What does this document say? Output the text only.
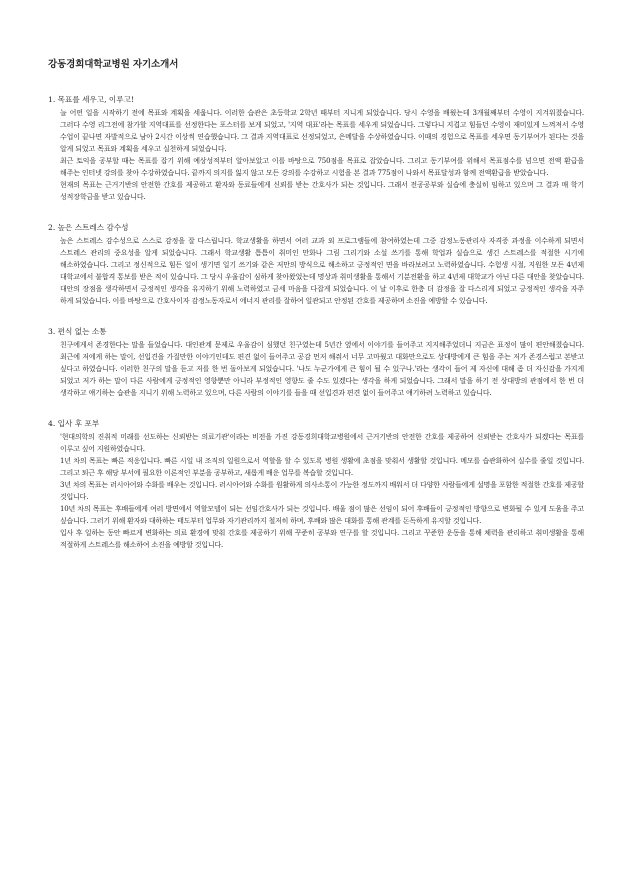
강동경희대학교병원 자기소개서
1. 목표를 세우고, 이루고!

늘 어떤 일을 시작하기 전에 목표와 계획을 세웁니다. 이러한 습관은 초등학교 2학년 때부터 지니게 되었습니다. 당시 수영을 배웠는데 3개월째부터 수영이 지겨워졌습니다. 그러다 수영 리그전에 참가할 지역대표를 선정한다는 포스터를 보게 되었고, '지역 대표'라는 목표를 세우게 되었습니다. 그렇다니 지겹고 힘들던 수영이 재미있게 느껴져서 수영 수업이 끝나면 자발적으로 남아 2시간 이상씩 연습했습니다. 그 결과 지역대표로 선정되었고, 은메달을 수상하였습니다. 이때의 경험으로 목표를 세우면 동기부여가 된다는 것을 알게 되었고 목표와 계획을 세우고 실천하게 되었습니다.

최근 토익을 공부할 때는 목표를 잡기 위해 예상성적부터 알아보았고 이를 바탕으로 750점을 목표로 잡았습니다. 그리고 동기부여를 위해서 목표점수를 넘으면 전액 환급을 해주는 인터넷 강의를 찾아 수강하였습니다. 끝까지 의지를 잃지 않고 모든 강의를 수강하고 시험을 본 결과 775점이 나와서 목표달성과 함께 전액환급을 받았습니다.

현재의 목표는 근거기반의 안전한 간호를 제공하고 환자와 동료들에게 신뢰를 받는 간호사가 되는 것입니다. 그래서 전공공부와 실습에 충실히 임하고 있으며 그 결과 매 학기 성적장학금을 받고 있습니다.

2. 높은 스트레스 감수성

높은 스트레스 감수성으로 스스로 감정을 잘 다스립니다. 학교생활을 하면서 여러 교과 외 프로그램들에 참여하였는데 그중 감정노동관리사 자격증 과정을 이수하게 되면서 스트레스 관리의 중요성을 알게 되었습니다. 그래서 학교생활 틈틈이 취미인 만화나 그림 그리기와 소설 쓰기를 통해 학업과 실습으로 생긴 스트레스를 적절한 시기에 해소하였습니다. 그리고 정신적으로 힘든 일이 생기면 일기 쓰기와 같은 저만의 방식으로 해소하고 긍정적인 면을 바라보려고 노력하였습니다. 수험생 시절, 지원한 모든 4년제 대학교에서 불합격 통보를 받은 적이 있습니다. 그 당시 우울감이 심하게 찾아왔었는데 명상과 취미생활을 통해서 기분전환을 하고 4년제 대학교가 아닌 다른 대안을 찾았습니다. 대안의 장점을 생각하면서 긍정적인 생각을 유지하기 위해 노력하였고 금세 마음을 다잡게 되었습니다. 이 날 이후로 한층 더 감정을 잘 다스리게 되었고 긍정적인 생각을 자주 하게 되었습니다. 이를 바탕으로 간호사이자 감정노동자로서 에너지 관리를 잘하여 일관되고 안정된 간호를 제공하며 소진을 예방할 수 있습니다.

3. 편식 없는 소통

친구에게서 존경한다는 말을 들었습니다. 대인관계 문제로 우울감이 심했던 친구였는데 5년간 옆에서 이야기를 들어주고 지지해주었더니 지금은 표정이 많이 편안해졌습니다. 최근에 저에게 하는 말이, 선입견을 가질만한 이야기인데도 편견 없이 들어주고 공감 먼저 해줘서 너무 고마웠고 대화만으로도 상대방에게 큰 힘을 주는 저가 존경스럽고 본받고 싶다고 하였습니다. 이러한 친구의 말을 듣고 저를 한 번 돌아보게 되었습니다. '나도 누군가에게 큰 힘이 될 수 있구나.'라는 생각이 들어 제 자신에 대해 좀 더 자신감을 가지게 되었고 저가 하는 말이 다른 사람에게 긍정적인 영향뿐만 아니라 부정적인 영향도 줄 수도 있겠다는 생각을 하게 되었습니다. 그래서 말을 하기 전 상대방의 관점에서 한 번 더 생각하고 얘기하는 습관을 지니기 위해 노력하고 있으며, 다른 사람의 이야기를 들을 때 선입견과 편견 없이 들어주고 얘기하려 노력하고 있습니다.

4. 입사 후 포부

'현대의학의 진취적 미래를 선도하는 신뢰받는 의료기관'이라는 비전을 가진 강동경희대학교병원에서 근거기반의 안전한 간호를 제공하여 신뢰받는 간호사가 되겠다는 목표를 이루고 싶어 지원하였습니다.

1년 차의 목표는 빠른 적응입니다. 빠른 시일 내 조직의 일원으로서 역할을 할 수 있도록 병원 생활에 초점을 맞춰서 생활할 것입니다. 메모를 습관화하여 실수를 줄일 것입니다. 그리고 퇴근 후 해당 부서에 필요한 이론적인 부분을 공부하고, 새롭게 배운 업무를 복습할 것입니다.

3년 차의 목표는 러시아어와 수화를 배우는 것입니다. 러시아어와 수화를 원활하게 의사소통이 가능한 정도까지 배워서 더 다양한 사람들에게 설명을 포함한 적절한 간호를 제공할 것입니다.

10년 차의 목표는 후배들에게 여러 방면에서 역할모델이 되는 선임간호사가 되는 것입니다. 배울 점이 많은 선임이 되어 후배들이 긍정적인 방향으로 변화될 수 있게 도움을 주고 싶습니다. 그러기 위해 환자와 대하하는 태도부터 업무와 자기관리까지 철저히 하며, 후배와 많은 대화를 통해 관계를 돈독하게 유지할 것입니다.

입사 후 일하는 동안 빠르게 변화하는 의료 환경에 맞춰 간호를 제공하기 위해 꾸준히 공부와 연구를 할 것입니다. 그리고 꾸준한 운동을 통해 체력을 관리하고 취미생활을 통해 적절하게 스트레스를 해소하여 소진을 예방할 것입니다.
